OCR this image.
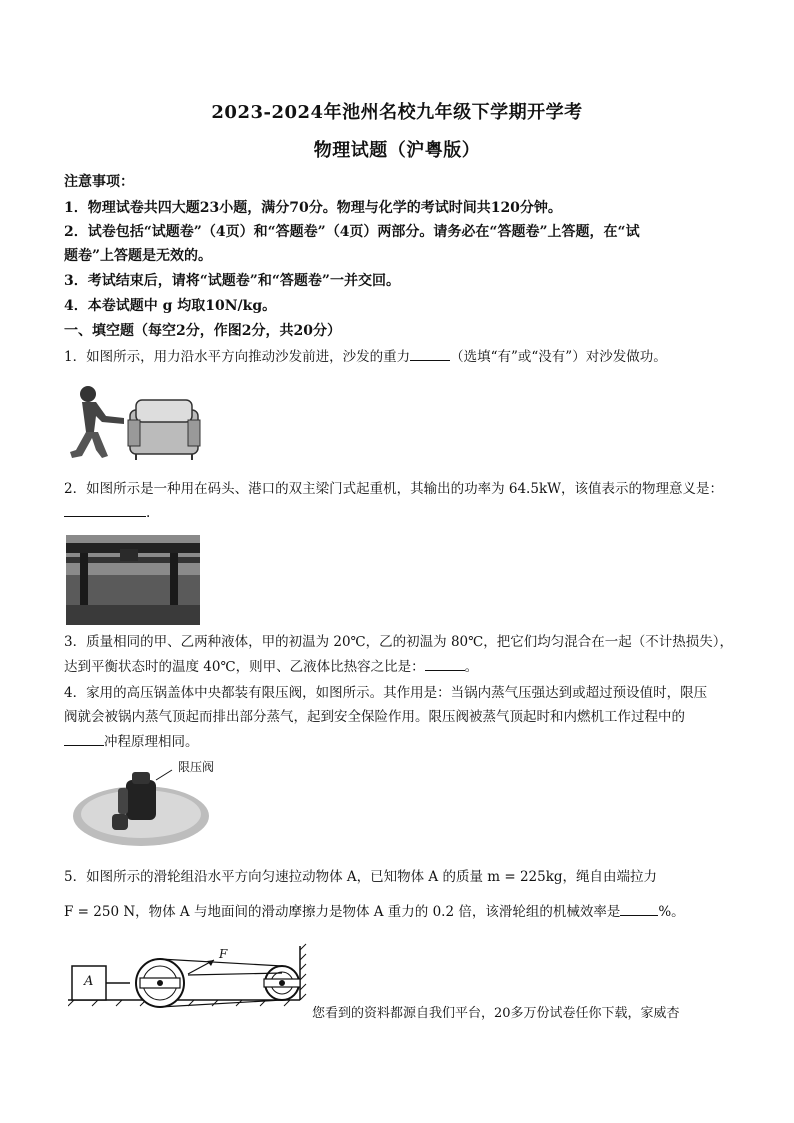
2023-2024年池州名校九年级下学期开学考
物理试题（沪粤版）
注意事项：
1．物理试卷共四大题23小题，满分70分。物理与化学的考试时间共120分钟。
2．试卷包括“试题卷”（4页）和“答题卷”（4页）两部分。请务必在“答题卷”上答题，在“试
题卷”上答题是无效的。
3．考试结束后，请将“试题卷”和“答题卷”一并交回。
4．本卷试题中 g 均取10N/kg。
一、填空题（每空2分，作图2分，共20分）
1．如图所示，用力沿水平方向推动沙发前进，沙发的重力	（选填“有”或“没有”）对沙发做功。
2．如图所示是一种用在码头、港口的双主梁门式起重机，其输出的功率为 64.5kW，该值表示的物理意义是：
.
3．质量相同的甲、乙两种液体，甲的初温为 20℃，乙的初温为 80℃，把它们均匀混合在一起（不计热损失），
达到平衡状态时的温度 40℃，则甲、乙液体比热容之比是：	。
4．家用的高压锅盖体中央都装有限压阀，如图所示。其作用是：当锅内蒸气压强达到或超过预设值时，限压
阀就会被锅内蒸气顶起而排出部分蒸气，起到安全保险作用。限压阀被蒸气顶起时和内燃机工作过程中的
冲程原理相同。
限压阀
5．如图所示的滑轮组沿水平方向匀速拉动物体 A，已知物体 A 的质量 m = 225kg，绳自由端拉力
F = 250 N，物体 A 与地面间的滑动摩擦力是物体 A 重力的 0.2 倍，该滑轮组的机械效率是	%。
A
F
您看到的资料都源自我们平台，20多万份试卷任你下载，家威杏
